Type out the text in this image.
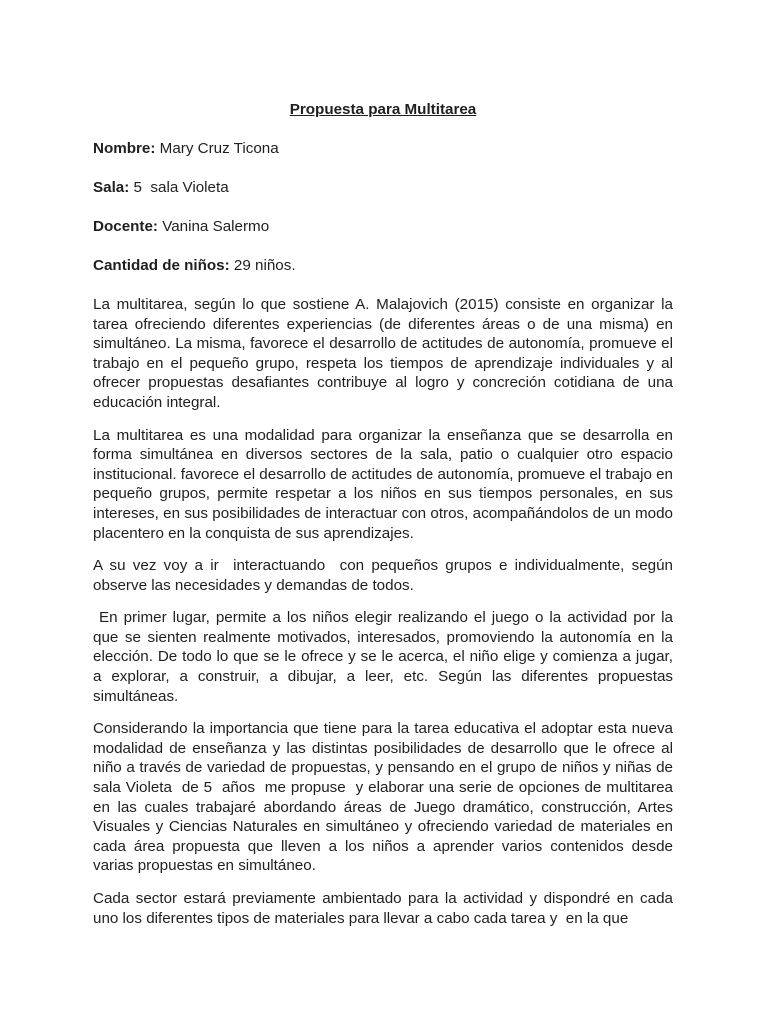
Propuesta para Multitarea
Nombre: Mary Cruz Ticona
Sala: 5  sala Violeta
Docente: Vanina Salermo
Cantidad de niños: 29 niños.

La multitarea, según lo que sostiene A. Malajovich (2015) consiste en organizar la tarea ofreciendo diferentes experiencias (de diferentes áreas o de una misma) en simultáneo. La misma, favorece el desarrollo de actitudes de autonomía, promueve el trabajo en el pequeño grupo, respeta los tiempos de aprendizaje individuales y al ofrecer propuestas desafiantes contribuye al logro y concreción cotidiana de una educación integral.

La multitarea es una modalidad para organizar la enseñanza que se desarrolla en forma simultánea en diversos sectores de la sala, patio o cualquier otro espacio institucional. favorece el desarrollo de actitudes de autonomía, promueve el trabajo en pequeño grupos, permite respetar a los niños en sus tiempos personales, en sus intereses, en sus posibilidades de interactuar con otros, acompañándolos de un modo placentero en la conquista de sus aprendizajes.

A su vez voy a ir  interactuando  con pequeños grupos e individualmente, según observe las necesidades y demandas de todos.

En primer lugar, permite a los niños elegir realizando el juego o la actividad por la que se sienten realmente motivados, interesados, promoviendo la autonomía en la elección. De todo lo que se le ofrece y se le acerca, el niño elige y comienza a jugar, a explorar, a construir, a dibujar, a leer, etc. Según las diferentes propuestas simultáneas.

Considerando la importancia que tiene para la tarea educativa el adoptar esta nueva modalidad de enseñanza y las distintas posibilidades de desarrollo que le ofrece al niño a través de variedad de propuestas, y pensando en el grupo de niños y niñas de sala Violeta  de 5  años  me propuse  y elaborar una serie de opciones de multitarea en las cuales trabajaré abordando áreas de Juego dramático, construcción, Artes Visuales y Ciencias Naturales en simultáneo y ofreciendo variedad de materiales en cada área propuesta que lleven a los niños a aprender varios contenidos desde varias propuestas en simultáneo.

Cada sector estará previamente ambientado para la actividad y dispondré en cada uno los diferentes tipos de materiales para llevar a cabo cada tarea y  en la que
